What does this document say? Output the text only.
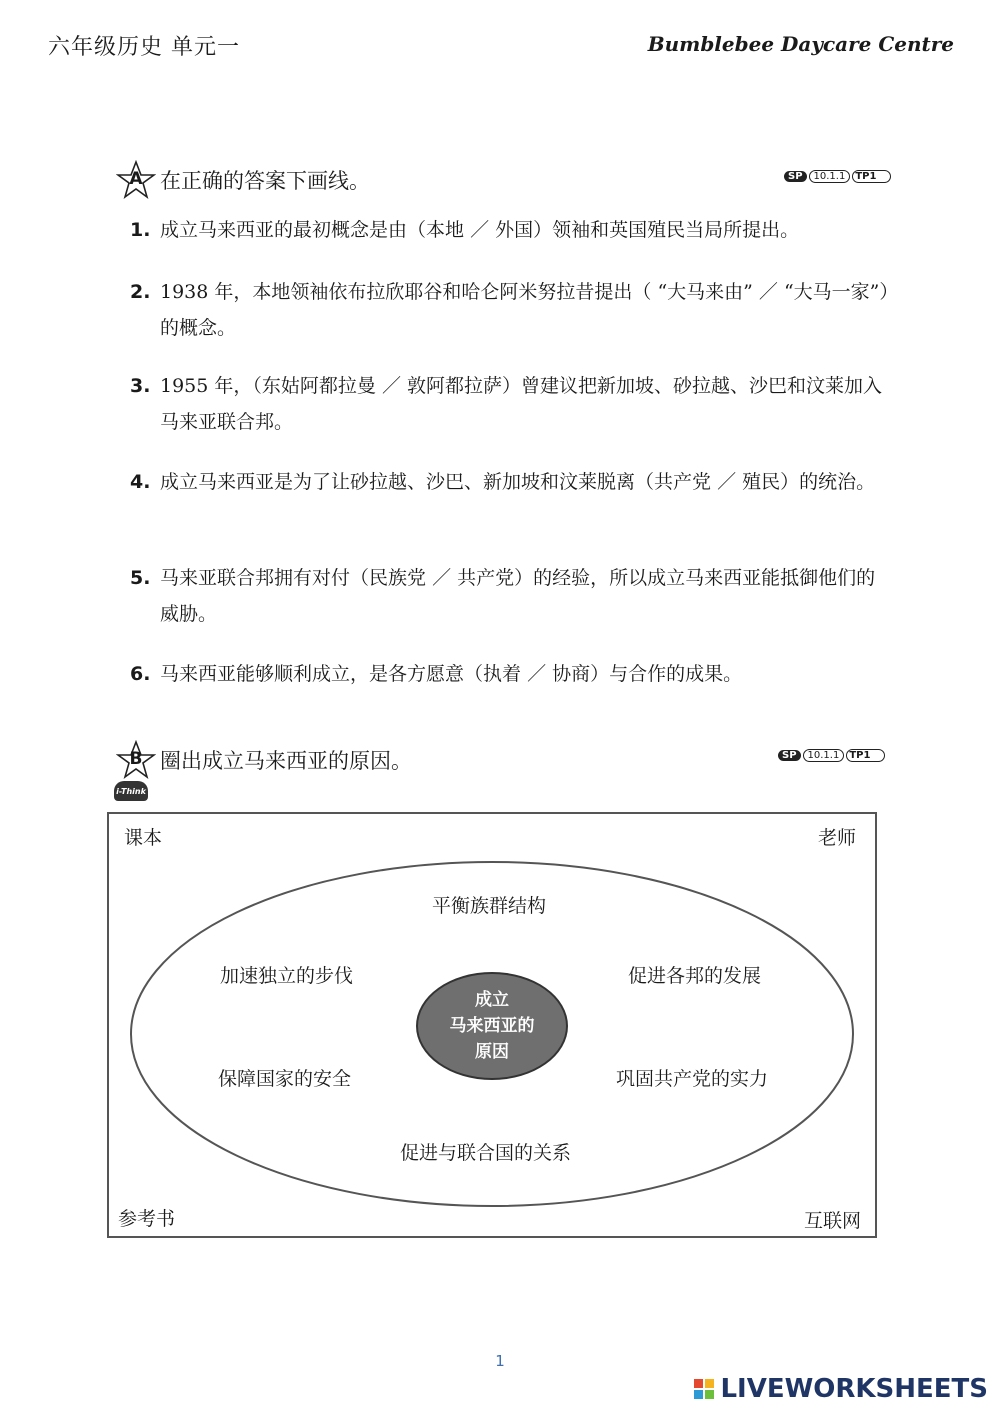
六年级历史 单元一	Bumblebee Daycare Centre
A 在正确的答案下画线。	SP	10.1.1	TP1
1. 成立马来西亚的最初概念是由（本地 ／ 外国）领袖和英国殖民当局所提出。
2. 1938 年，本地领袖依布拉欣耶谷和哈仑阿米努拉昔提出（ “大马来由” ／ “大马一家”）的概念。
3. 1955 年，（东姑阿都拉曼 ／ 敦阿都拉萨）曾建议把新加坡、砂拉越、沙巴和汶莱加入马来亚联合邦。
4. 成立马来西亚是为了让砂拉越、沙巴、新加坡和汶莱脱离（共产党 ／ 殖民）的统治。
5. 马来亚联合邦拥有对付（民族党 ／ 共产党）的经验，所以成立马来西亚能抵御他们的威胁。
6. 马来西亚能够顺利成立，是各方愿意（执着 ／ 协商）与合作的成果。
B 圈出成立马来西亚的原因。	SP	10.1.1	TP1
i-Think
课本	老师
参考书	互联网
成立
马来西亚的
原因
平衡族群结构
加速独立的步伐	促进各邦的发展
保障国家的安全	巩固共产党的实力
促进与联合国的关系
1
LIVEWORKSHEETS
